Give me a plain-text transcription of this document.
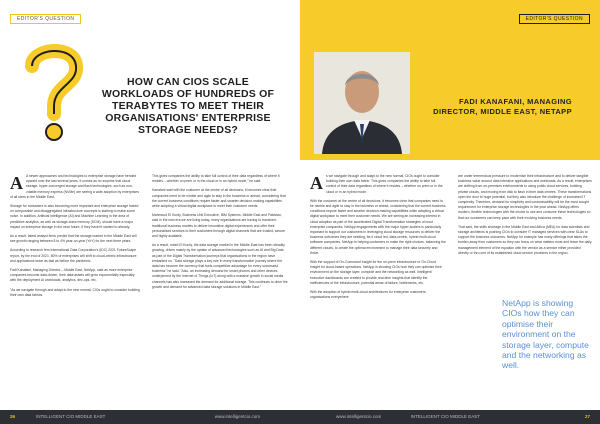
EDITOR'S QUESTION
HOW CAN CIOS SCALE WORKLOADS OF HUNDREDS OF TERABYTES TO MEET THEIR ORGANISATIONS' ENTERPRISE STORAGE NEEDS?
A A newer approaches and technologies to enterprise storage have trended upward over the last several years. It comes as no surprise that cloud storage, hyper-converged storage and flash technologies, such as non-volatile memory express (NVMe) are seeing a wide adoption by enterprises of all sizes in the Middle East.
Storage for containers is also becoming more important and enterprise storage based on composable and disaggregated infrastructure concepts is starting to make some noise. In addition, Artificial Intelligence (AI) and Machine Learning in the area of predictive analytics, as well as storage-class memory (SCM), should have a major impact on enterprise storage in the near future, if they haven't started to already.
As a result, latest analyst firms predict that the storage market in the Middle East will see growth ranging between 8 to 4% year-on-year (YoY) for the next three years.
According to research firm International Data Corporation's (IDC) 2021 FutureScape report, by the end of 2021, 80% of enterprises will shift to cloud-centric infrastructure and applications twice as fast as before the pandemic.
Fadi Kanafani, Managing Director – Middle East, NetApp, said as more enterprise companies become data-driven, their data assets will grow exponentially especially with the deployment AI workloads, analytics, dev-ops, etc.
"As we navigate through and adapt to the new normal, CIOs ought to consider building their own data fabrics.
This gives companies the ability to take full control of their data regardless of where it resides – whether on prem or in the cloud or in an hybrid mode," he said.
Kanafani said with the customer at the centre of all decisions, it becomes clear that companies need to be nimble and agile to stay in the business or ahead, considering that the current business conditions require faster and smarter decision-making capabilities while adopting a virtual digital workplace to meet their customer needs.
Mahmoud El Kurdy, Business Unit Executive, IBM Systems, Middle East and Pakistan, said in the new era we are living today, many organisations are having to transform traditional business models to deliver innovative digital experiences and offer their personalised services to their customers through digital channels that are trusted, secure and highly available.
As a result, noted El Kurdy, the data storage market in the Middle East has been steadily growing, driven mainly by the uptake of advanced technologies such as AI and Big Data as part of the Digital Transformation journeys that organisations in the region have embarked on. "Data storage plays a key role in every transformation journey where the data has become the currency that fuels competitive advantage for every successful business" he said. "Also, an increasing demand for smart phones and other devices underpinned by the Internet of Things (IoT) along with a massive growth in social media channels has also increased the demand for additional storage. This continues to drive the growth and demand for advanced data storage solutions in Middle East."
26	INTELLIGENT CIO MIDDLE EAST	www.intelligentcio.com
EDITOR'S QUESTION
FADI KANAFANI, MANAGING DIRECTOR, MIDDLE EAST, NETAPP
As we navigate through and adapt to the new normal, CIOs ought to consider building their own data fabric. This gives companies the ability to take full control of their data regardless of where it resides – whether on prem or in the cloud or in an hybrid mode.
With the customer at the centre of all decisions, it becomes clear that companies need to be nimble and agile to stay in the business or ahead, considering that the current business conditions require faster and smarter decision-making capabilities while adopting a virtual digital workplace to meet their customer needs. We are seeing an increasing interest in cloud adoption as part of the accelerated Digital Transformation strategies of most enterprise companies. NetApp engagements with the major hyper-scalers is particularly important to support our customers in leveraging cloud storage resources to deliver the business outcomes they are seeking, be it cloud led, data-centric, hybrid multi-cloud software companies. NetApp is helping customers to make the right choices, balancing the different clouds, to create the optimal environment to manage their data securely and thrive.
With the support of On-Command Insight for the on-prem infrastructure or On-Cloud Insight for cloud-based operations, NetApp is showing CIOs how they can optimise their environment on the storage layer, compute and the networking as well. Intelligent executive dashboards are created to provide real-time insights that identify the inefficiencies of the infrastructure, potential areas of failure, bottlenecks, etc.
With the adoption of hybrid multi-cloud architectures for enterprise customers, organisations everywhere
are under tremendous pressure to modernise their infrastructure and to deliver tangible business value around data intensive applications and workloads. As a result, enterprises are shifting from on-premises environments to using public cloud services, building private clouds, and moving from disk to flash in their data centres. These transformations open the door to huge potential, but they also introduce the challenge of increased IT complexity. Therefore, demand for simplicity and customisability will be the most sought requirement for enterprise storage technologies in the year ahead. NetApp offers modern, flexible technologies with the choice to use and consume these technologies so that our customers can keep pace with their evolving business needs.
That said, the skills shortage in the Middle East and Africa (MEA) for data scientists and storage architects is pushing CIOs to consider IT managed services with clear SLAs to support the business outcomes. NetApp for example has many offerings that takes the burden away from customers so they can focus on what matters most and leave the daily management element of the equation with the vendor as a service either provided directly or thru one of its established cloud service providers in the region.
NetApp is showing CIOs how they can optimise their environment on the storage layer, compute and the networking as well.
www.intelligentcio.com	INTELLIGENT CIO MIDDLE EAST	27
